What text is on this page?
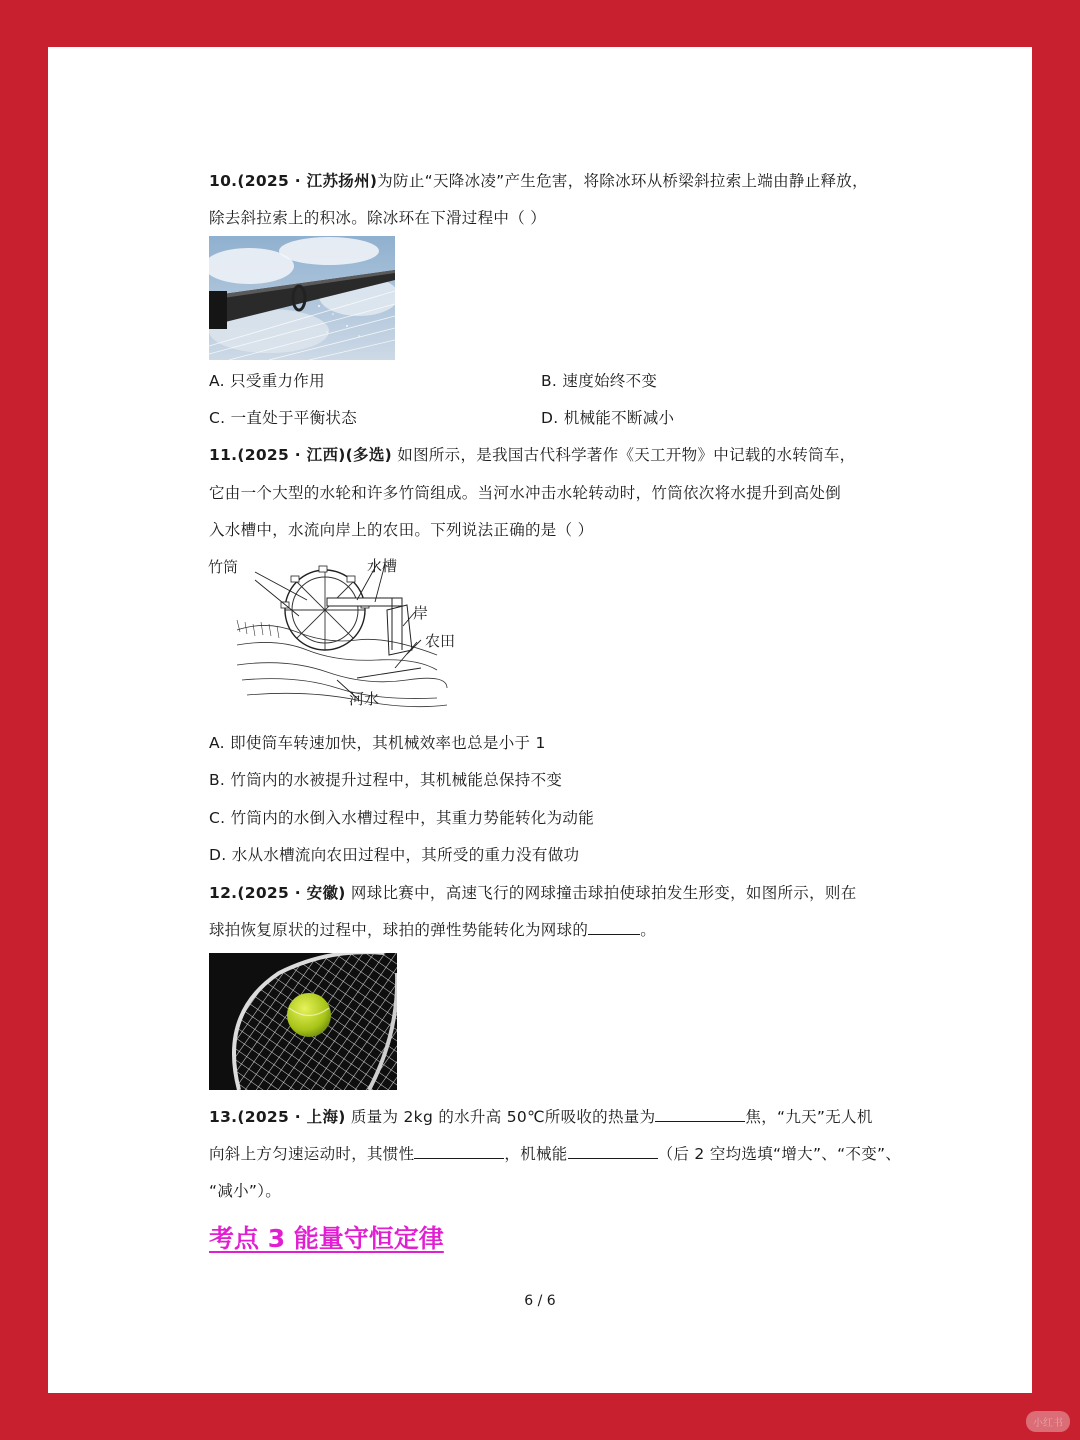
10.(2025 · 江苏扬州)为防止“天降冰凌”产生危害，将除冰环从桥梁斜拉索上端由静止释放，
除去斜拉索上的积冰。除冰环在下滑过程中（ ）
A. 只受重力作用	B. 速度始终不变
C. 一直处于平衡状态	D. 机械能不断减小
11.(2025 · 江西)(多选) 如图所示，是我国古代科学著作《天工开物》中记载的水转筒车，
它由一个大型的水轮和许多竹筒组成。当河水冲击水轮转动时，竹筒依次将水提升到高处倒
入水槽中，水流向岸上的农田。下列说法正确的是（ ）
竹筒	水槽
岸
农田
河水
A. 即使筒车转速加快，其机械效率也总是小于 1
B. 竹筒内的水被提升过程中，其机械能总保持不变
C. 竹筒内的水倒入水槽过程中，其重力势能转化为动能
D. 水从水槽流向农田过程中，其所受的重力没有做功
12.(2025 · 安徽) 网球比赛中，高速飞行的网球撞击球拍使球拍发生形变，如图所示，则在
球拍恢复原状的过程中，球拍的弹性势能转化为网球的	。
13.(2025 · 上海) 质量为 2kg 的水升高 50℃所吸收的热量为	焦，“九天”无人机
向斜上方匀速运动时，其惯性	，机械能	（后 2 空均选填“增大”、“不变”、
“减小”）。
考点 3 能量守恒定律
6 / 6
小红书
